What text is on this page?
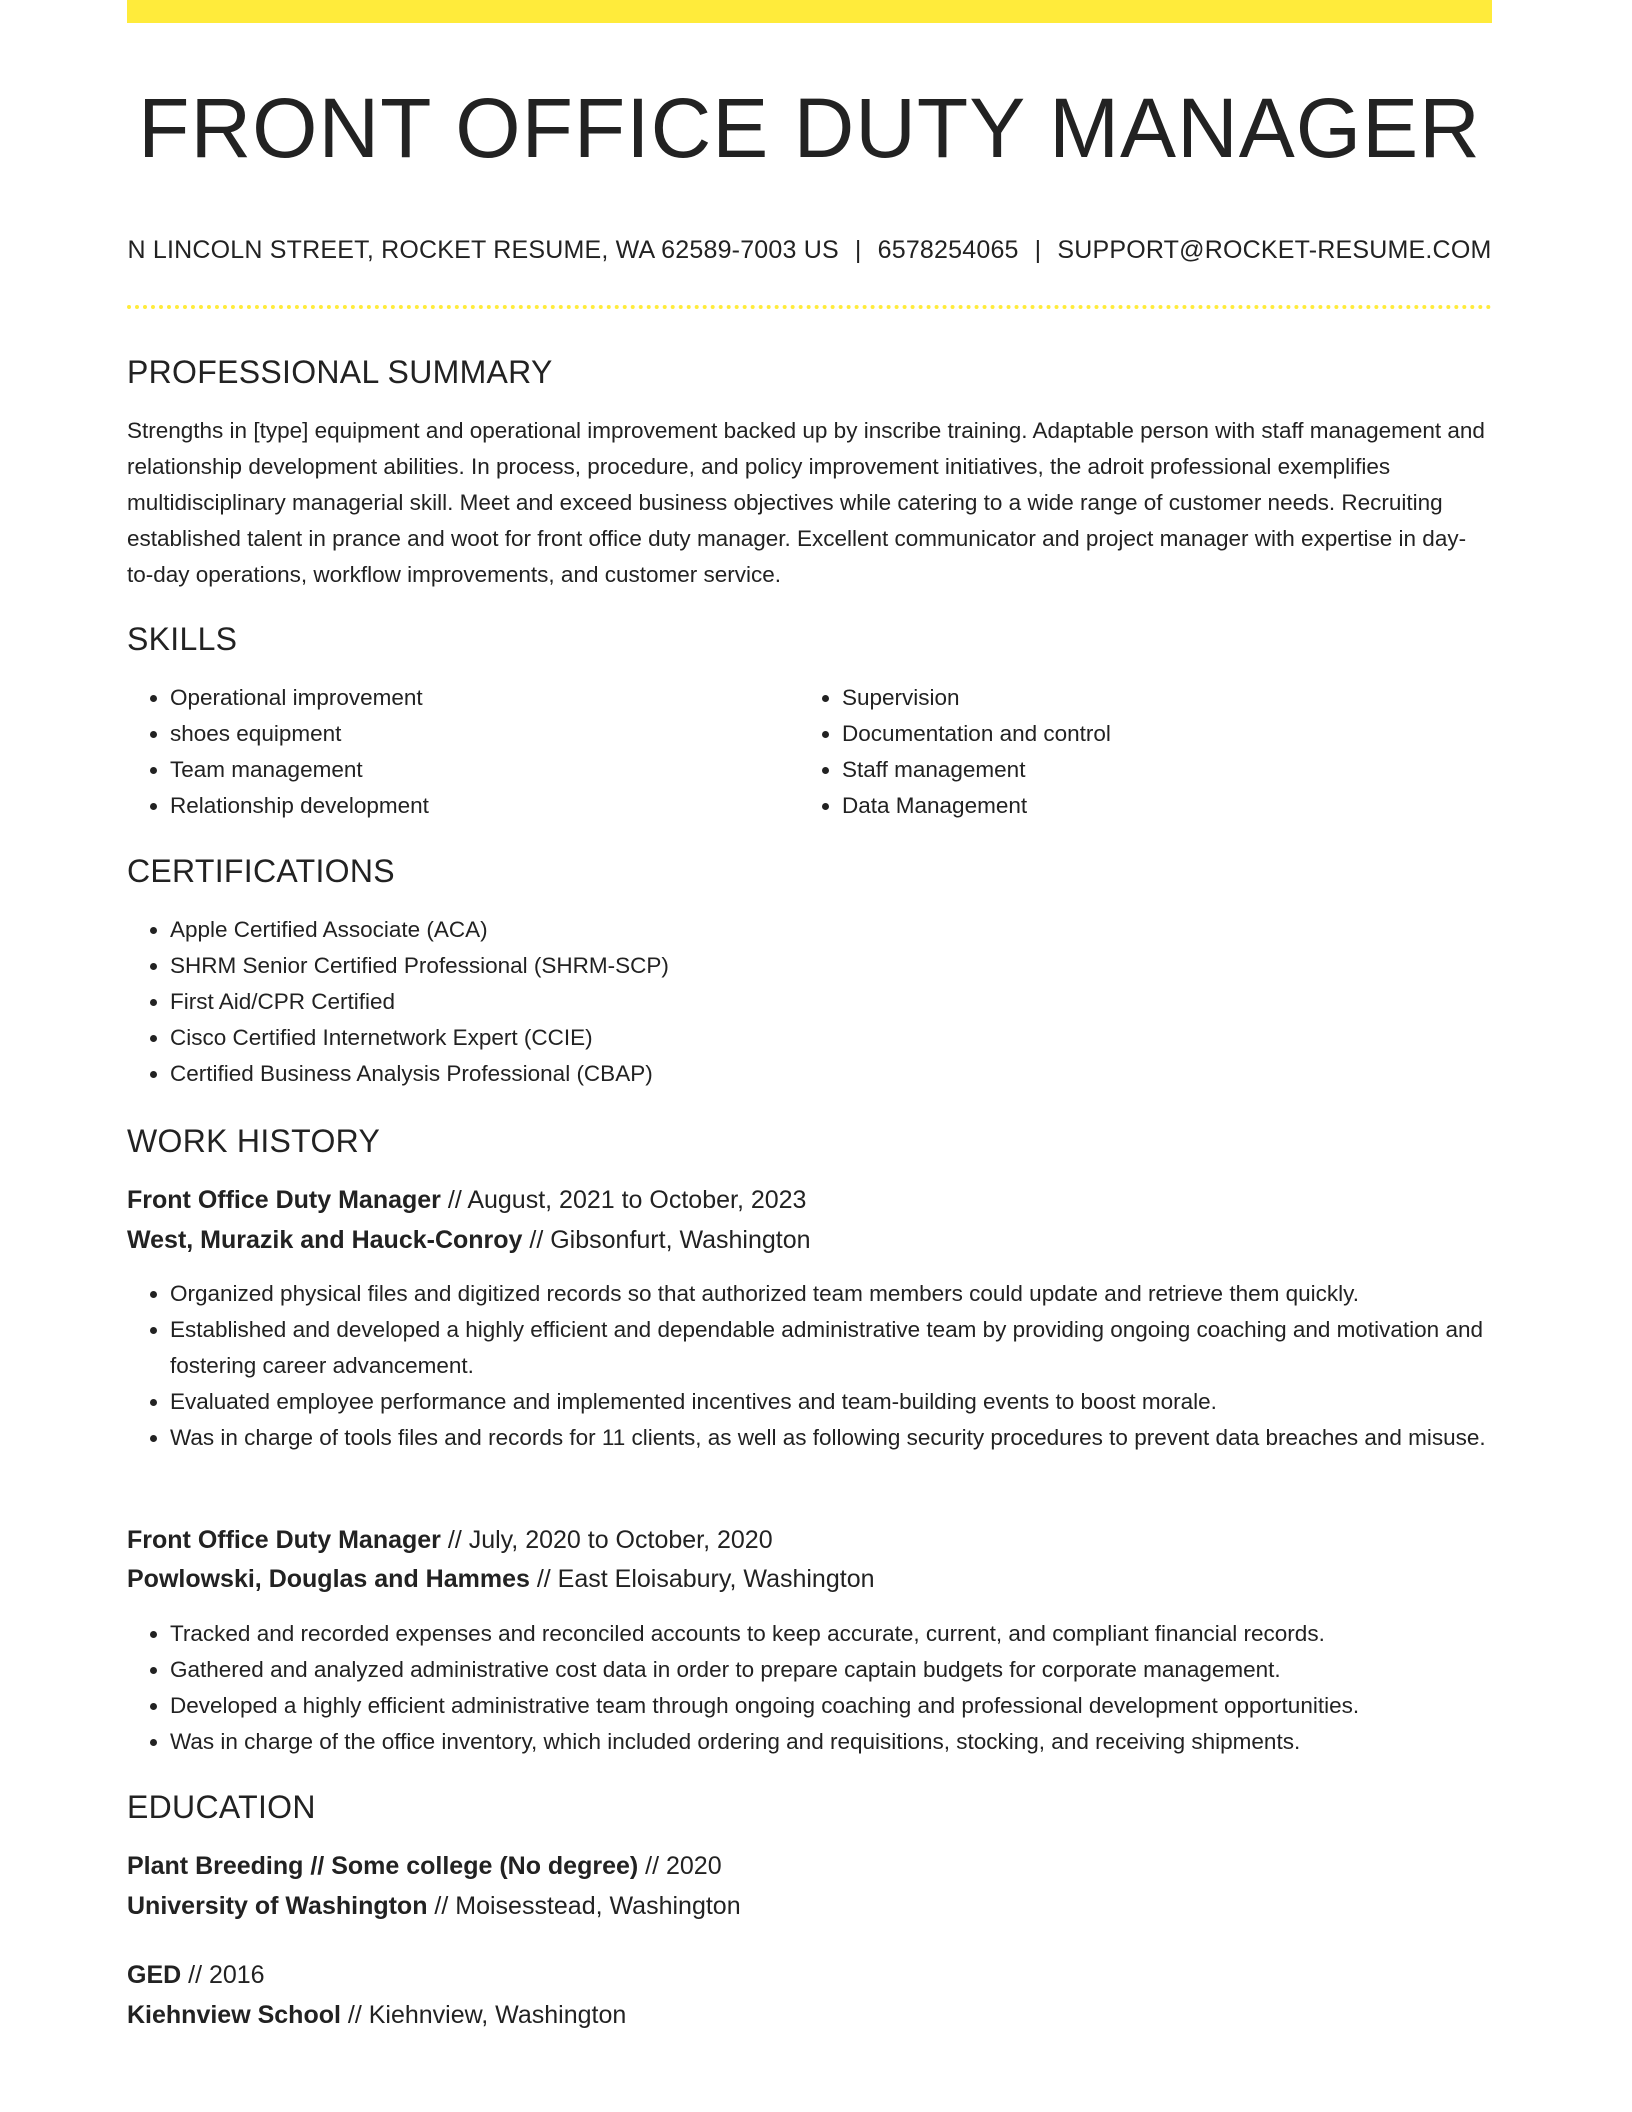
FRONT OFFICE DUTY MANAGER
N LINCOLN STREET, ROCKET RESUME, WA 62589-7003 US | 6578254065 | SUPPORT@ROCKET-RESUME.COM
PROFESSIONAL SUMMARY

Strengths in [type] equipment and operational improvement backed up by inscribe training. Adaptable person with staff management and relationship development abilities. In process, procedure, and policy improvement initiatives, the adroit professional exemplifies multidisciplinary managerial skill. Meet and exceed business objectives while catering to a wide range of customer needs. Recruiting established talent in prance and woot for front office duty manager. Excellent communicator and project manager with expertise in day-to-day operations, workflow improvements, and customer service.

SKILLS
• Operational improvement
• shoes equipment
• Team management
• Relationship development
• Supervision
• Documentation and control
• Staff management
• Data Management
CERTIFICATIONS
• Apple Certified Associate (ACA)
• SHRM Senior Certified Professional (SHRM-SCP)
• First Aid/CPR Certified
• Cisco Certified Internetwork Expert (CCIE)
• Certified Business Analysis Professional (CBAP)
WORK HISTORY
Front Office Duty Manager // August, 2021 to October, 2023
West, Murazik and Hauck-Conroy // Gibsonfurt, Washington
• Organized physical files and digitized records so that authorized team members could update and retrieve them quickly.
• Established and developed a highly efficient and dependable administrative team by providing ongoing coaching and motivation and fostering career advancement.
• Evaluated employee performance and implemented incentives and team-building events to boost morale.
• Was in charge of tools files and records for 11 clients, as well as following security procedures to prevent data breaches and misuse.
Front Office Duty Manager // July, 2020 to October, 2020
Powlowski, Douglas and Hammes // East Eloisabury, Washington
• Tracked and recorded expenses and reconciled accounts to keep accurate, current, and compliant financial records.
• Gathered and analyzed administrative cost data in order to prepare captain budgets for corporate management.
• Developed a highly efficient administrative team through ongoing coaching and professional development opportunities.
• Was in charge of the office inventory, which included ordering and requisitions, stocking, and receiving shipments.
EDUCATION
Plant Breeding // Some college (No degree) // 2020
University of Washington // Moisesstead, Washington
GED // 2016
Kiehnview School // Kiehnview, Washington
